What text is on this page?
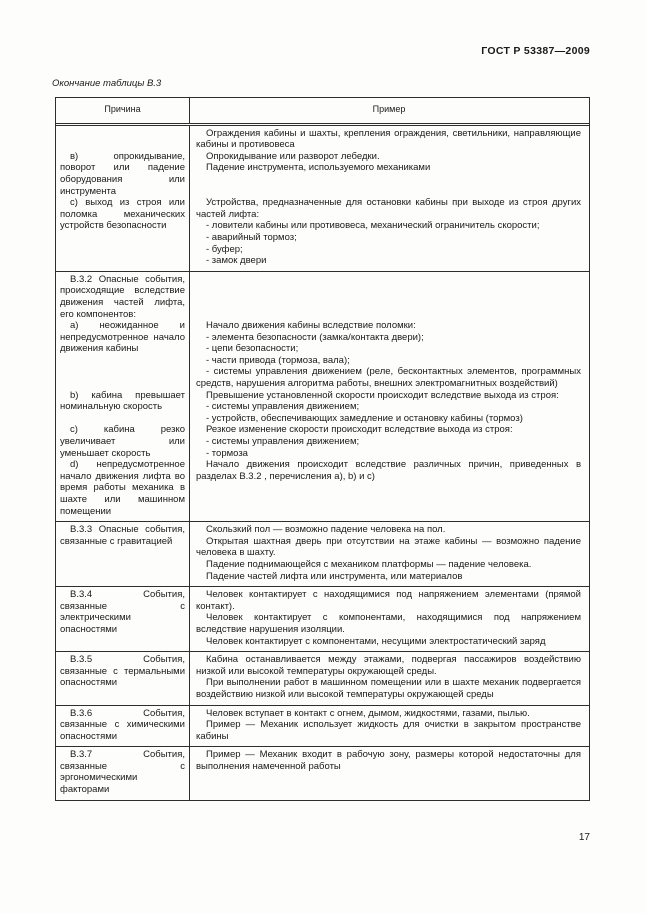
ГОСТ Р 53387—2009
Окончание таблицы В.3
Причина	Пример

Ограждения кабины и шахты, крепления ограждения, светильники, направляющие кабины и противовеса

в) опрокидывание, поворот или падение оборудования или инструмента

Опрокидывание или разворот лебедки.

Падение инструмента, используемого механиками

с) выход из строя или поломка механических устройств безопасности

Устройства, предназначенные для остановки кабины при выходе из строя других частей лифта:

- ловители кабины или противовеса, механический ограничитель скорости;

- аварийный тормоз;

- буфер;

- замок двери

В.3.2 Опасные события, происходящие вследствие движения частей лифта, его компонентов:

а) неожиданное и непредусмотренное начало движения кабины

Начало движения кабины вследствие поломки:

- элемента безопасности (замка/контакта двери);

- цепи безопасности;

- части привода (тормоза, вала);

- системы управления движением (реле, бесконтактных элементов, программных средств, нарушения алгоритма работы, внешних электромагнитных воздействий)

b) кабина превышает номинальную скорость

Превышение установленной скорости происходит вследствие выхода из строя:

- системы управления движением;

- устройств, обеспечивающих замедление и остановку кабины (тормоз)

с) кабина резко увеличивает или уменьшает скорость

Резкое изменение скорости происходит вследствие выхода из строя:

- системы управления движением;

- тормоза

d) непредусмотренное начало движения лифта во время работы механика в шахте или машинном помещении

Начало движения происходит вследствие различных причин, приведенных в разделах В.3.2 , перечисления а), b) и с)

В.3.3 Опасные события, связанные с гравитацией

Скользкий пол — возможно падение человека на пол.

Открытая шахтная дверь при отсутствии на этаже кабины — возможно падение человека в шахту.

Падение поднимающейся с механиком платформы — падение человека.

Падение частей лифта или инструмента, или материалов

В.3.4 События, связанные с электрическими опасностями

Человек контактирует с находящимися под напряжением элементами (прямой контакт).

Человек контактирует с компонентами, находящимися под напряжением вследствие нарушения изоляции.

Человек контактирует с компонентами, несущими электростатический заряд

В.3.5 События, связанные с термальными опасностями

Кабина останавливается между этажами, подвергая пассажиров воздействию низкой или высокой температуры окружающей среды.

При выполнении работ в машинном помещении или в шахте механик подвергается воздействию низкой или высокой температуры окружающей среды

В.3.6 События, связанные с химическими опасностями

Человек вступает в контакт с огнем, дымом, жидкостями, газами, пылью.

Пример — Механик использует жидкость для очистки в закрытом пространстве кабины

В.3.7 События, связанные с эргономическими факторами

Пример — Механик входит в рабочую зону, размеры которой недостаточны для выполнения намеченной работы

17
